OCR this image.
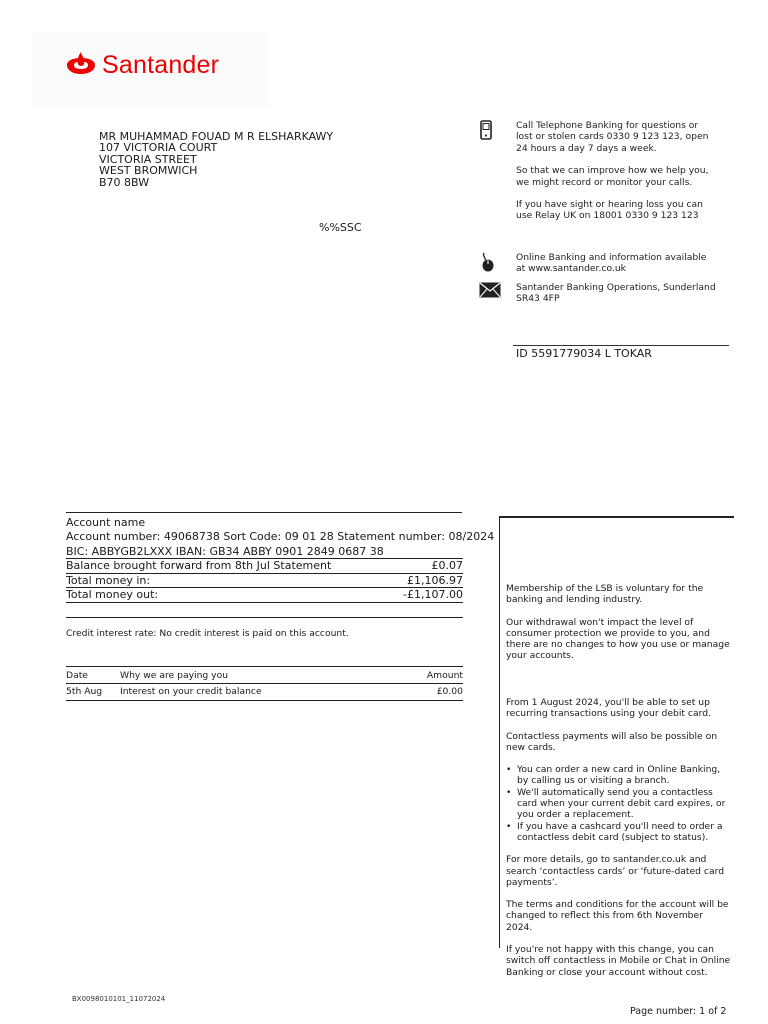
Santander
MR MUHAMMAD FOUAD M R ELSHARKAWY
107 VICTORIA COURT
VICTORIA STREET
WEST BROMWICH
B70 8BW
%%SSC
Call Telephone Banking for questions or lost or stolen cards 0330 9 123 123, open 24 hours a day 7 days a week.
So that we can improve how we help you, we might record or monitor your calls.
If you have sight or hearing loss you can use Relay UK on 18001 0330 9 123 123
Online Banking and information available at www.santander.co.uk
Santander Banking Operations, Sunderland SR43 4FP
ID 5591779034 L TOKAR
Account name
Account number: 49068738 Sort Code: 09 01 28 Statement number: 08/2024
BIC: ABBYGB2LXXX IBAN: GB34 ABBY 0901 2849 0687 38
Balance brought forward from 8th Jul Statement	£0.07
Total money in:	£1,106.97
Total money out:	-£1,107.00
Credit interest rate: No credit interest is paid on this account.
Date	Why we are paying you	Amount
5th Aug Interest on your credit balance	£0.00

Membership of the LSB is voluntary for the banking and lending industry.

Our withdrawal won't impact the level of consumer protection we provide to you, and there are no changes to how you use or manage your accounts.

From 1 August 2024, you'll be able to set up recurring transactions using your debit card.

Contactless payments will also be possible on new cards.

• You can order a new card in Online Banking, by calling us or visiting a branch.
• We'll automatically send you a contactless card when your current debit card expires, or you order a replacement.
• If you have a cashcard you'll need to order a contactless debit card (subject to status).

For more details, go to santander.co.uk and search ‘contactless cards’ or ‘future-dated card payments’.

The terms and conditions for the account will be changed to reflect this from 6th November 2024.

If you're not happy with this change, you can switch off contactless in Mobile or Chat in Online Banking or close your account without cost.

BX0098010101_11072024
Page number: 1 of 2
